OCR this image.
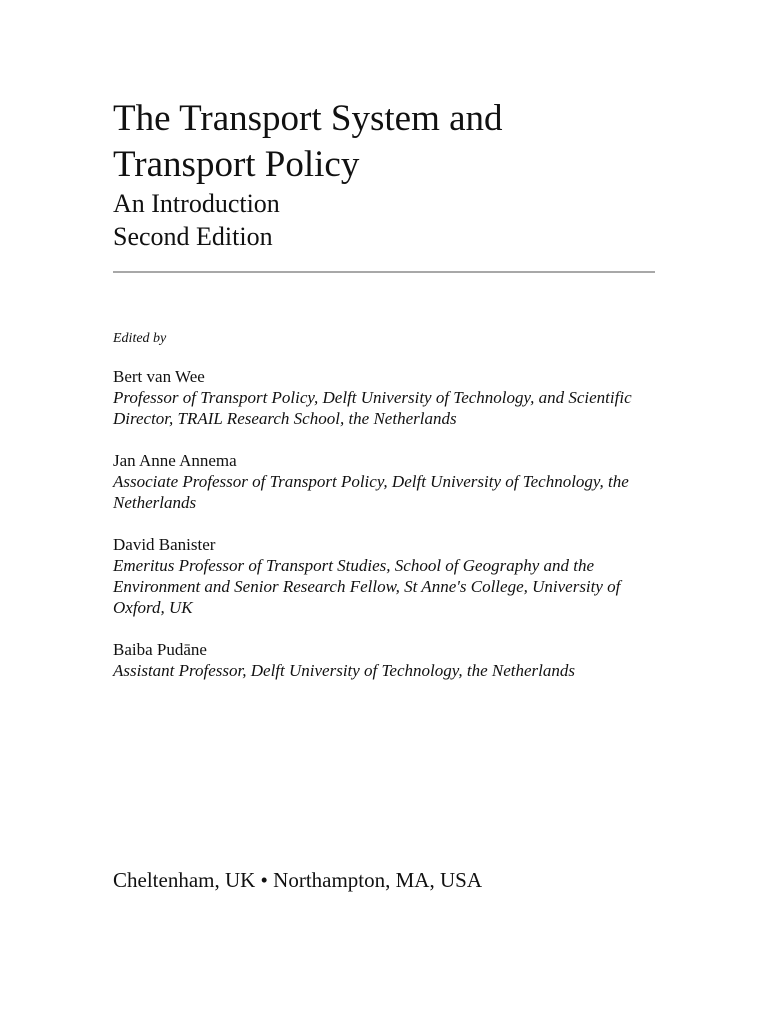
The Transport System and
Transport Policy
An Introduction
Second Edition
Edited by
Bert van Wee
Professor of Transport Policy, Delft University of Technology, and Scientific
Director, TRAIL Research School, the Netherlands
Jan Anne Annema
Associate Professor of Transport Policy, Delft University of Technology, the
Netherlands
David Banister
Emeritus Professor of Transport Studies, School of Geography and the
Environment and Senior Research Fellow, St Anne's College, University of
Oxford, UK
Baiba Pudāne
Assistant Professor, Delft University of Technology, the Netherlands
Cheltenham, UK • Northampton, MA, USA
